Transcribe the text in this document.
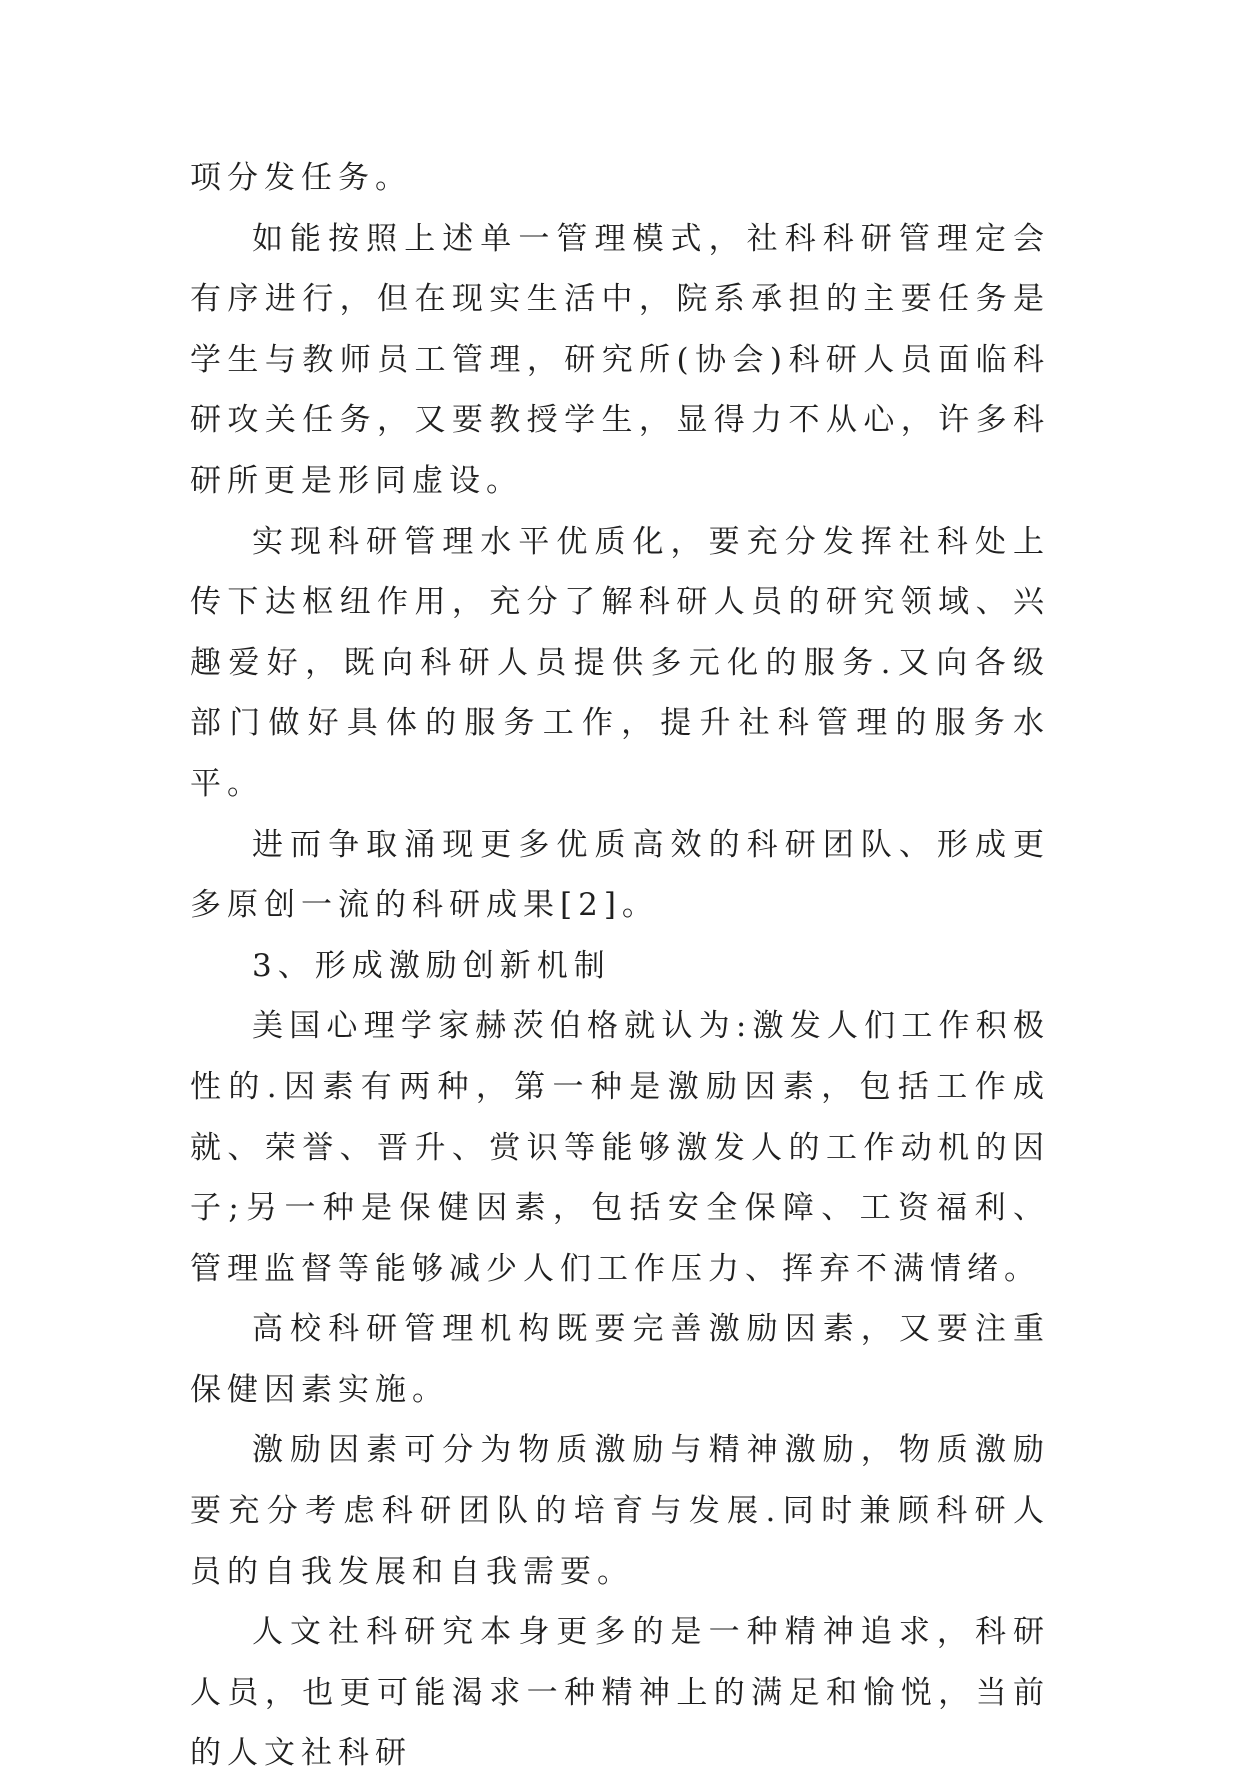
项分发任务。

如能按照上述单一管理模式，社科科研管理定会有序进行，但在现实生活中，院系承担的主要任务是学生与教师员工管理，研究所(协会)科研人员面临科研攻关任务，又要教授学生，显得力不从心，许多科研所更是形同虚设。

实现科研管理水平优质化，要充分发挥社科处上传下达枢纽作用，充分了解科研人员的研究领域、兴趣爱好，既向科研人员提供多元化的服务.又向各级部门做好具体的服务工作，提升社科管理的服务水平。

进而争取涌现更多优质高效的科研团队、形成更多原创一流的科研成果[2]。

3、形成激励创新机制

美国心理学家赫茨伯格就认为:激发人们工作积极性的.因素有两种，第一种是激励因素，包括工作成就、荣誉、晋升、赏识等能够激发人的工作动机的因子;另一种是保健因素，包括安全保障、工资福利、管理监督等能够减少人们工作压力、挥弃不满情绪。

高校科研管理机构既要完善激励因素，又要注重保健因素实施。

激励因素可分为物质激励与精神激励，物质激励要充分考虑科研团队的培育与发展.同时兼顾科研人员的自我发展和自我需要。

人文社科研究本身更多的是一种精神追求，科研人员，也更可能渴求一种精神上的满足和愉悦，当前的人文社科研
